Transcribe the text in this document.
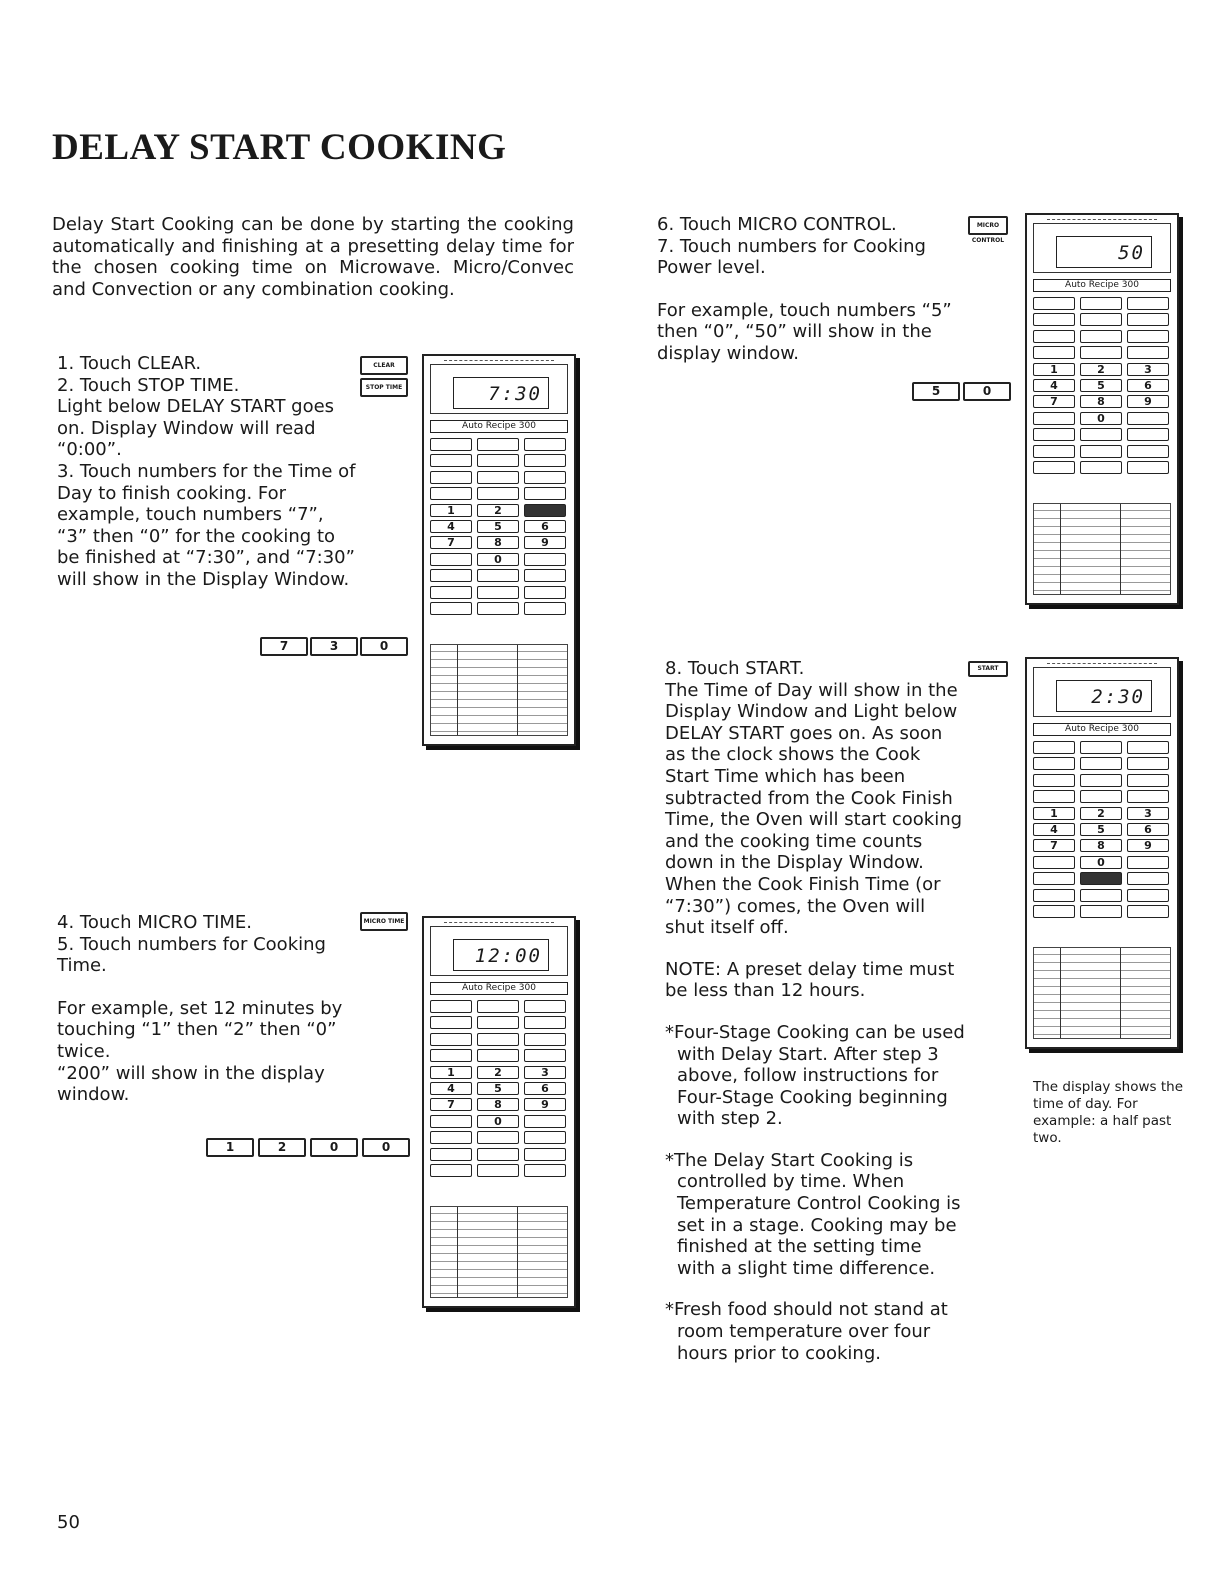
DELAY START COOKING
Delay Start Cooking can be done by starting the cooking automatically and finishing at a presetting delay time for the chosen cooking time on Microwave. Micro/Convec and Convection or any combination cooking.

1. Touch CLEAR.

2. Touch STOP TIME.

Light below DELAY START goes on. Display Window will read “0:00”.

3. Touch numbers for the Time of Day to finish cooking. For example, touch numbers “7”, “3” then “0” for the cooking to be finished at “7:30”, and “7:30” will show in the Display Window.

CLEAR
STOP TIME
7	3	0

4. Touch MICRO TIME.

5. Touch numbers for Cooking Time.

For example, set 12 minutes by touching “1” then “2” then “0” twice.

“200” will show in the display window.

MICRO TIME
1	2	0	0

6. Touch MICRO CONTROL.

7. Touch numbers for Cooking Power level.

For example, touch numbers “5” then “0”, “50” will show in the display window.

MICRO CONTROL
5	0

8. Touch START.

The Time of Day will show in the Display Window and Light below DELAY START goes on. As soon as the clock shows the Cook Start Time which has been subtracted from the Cook Finish Time, the Oven will start cooking and the cooking time counts down in the Display Window. When the Cook Finish Time (or “7:30”) comes, the Oven will shut itself off.

NOTE: A preset delay time must be less than 12 hours.

*Four-Stage Cooking can be used with Delay Start. After step 3 above, follow instructions for Four-Stage Cooking beginning with step 2.

*The Delay Start Cooking is controlled by time. When Temperature Control Cooking is set in a stage. Cooking may be finished at the setting time with a slight time difference.

*Fresh food should not stand at room temperature over four hours prior to cooking.

START
The display shows the time of day. For example: a half past two.
50
7:30
Auto Recipe 300
1	2
4	5	6
7	8	9
0
12:00
Auto Recipe 300
1	2	3
4	5	6
7	8	9
0
50
Auto Recipe 300
1	2	3
4	5	6
7	8	9
0
2:30
Auto Recipe 300
1	2	3
4	5	6
7	8	9
0
